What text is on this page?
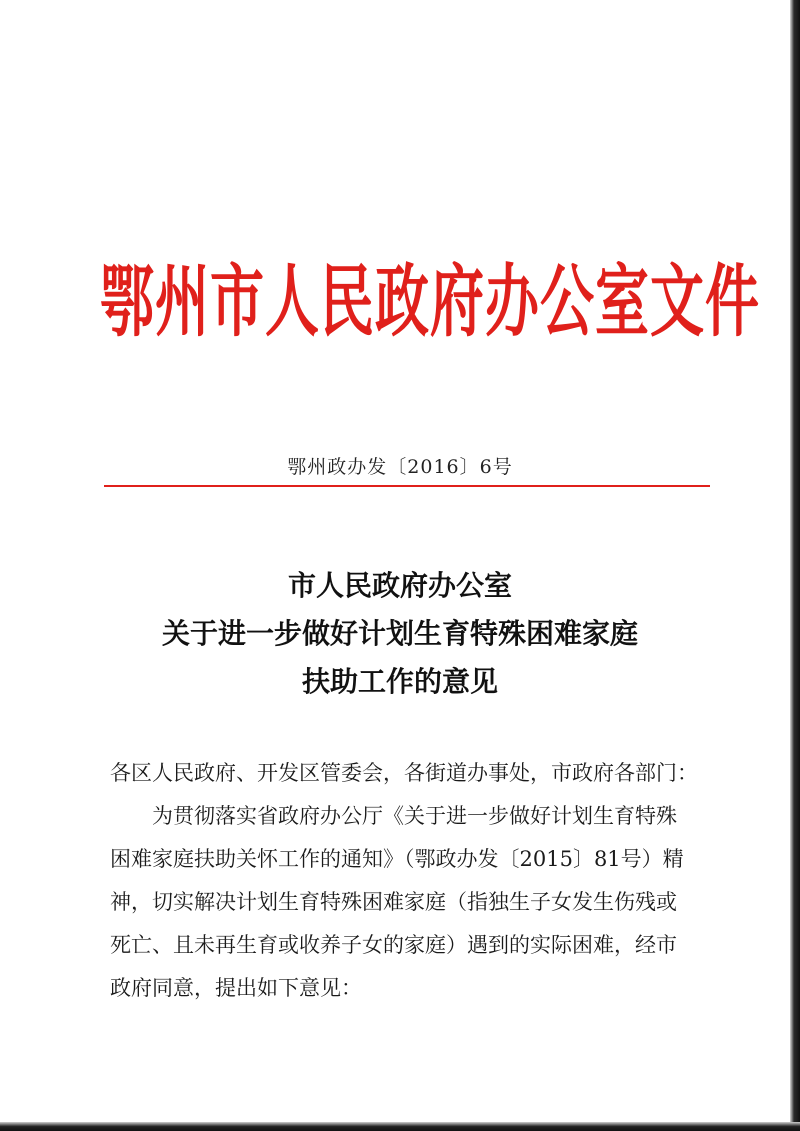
鄂州市人民政府办公室文件
鄂州政办发〔2016〕6号
市人民政府办公室
关于进一步做好计划生育特殊困难家庭
扶助工作的意见
各区人民政府、开发区管委会，各街道办事处，市政府各部门：
为贯彻落实省政府办公厅《关于进一步做好计划生育特殊
困难家庭扶助关怀工作的通知》（鄂政办发〔2015〕81号）精
神，切实解决计划生育特殊困难家庭（指独生子女发生伤残或
死亡、且未再生育或收养子女的家庭）遇到的实际困难，经市
政府同意，提出如下意见：
